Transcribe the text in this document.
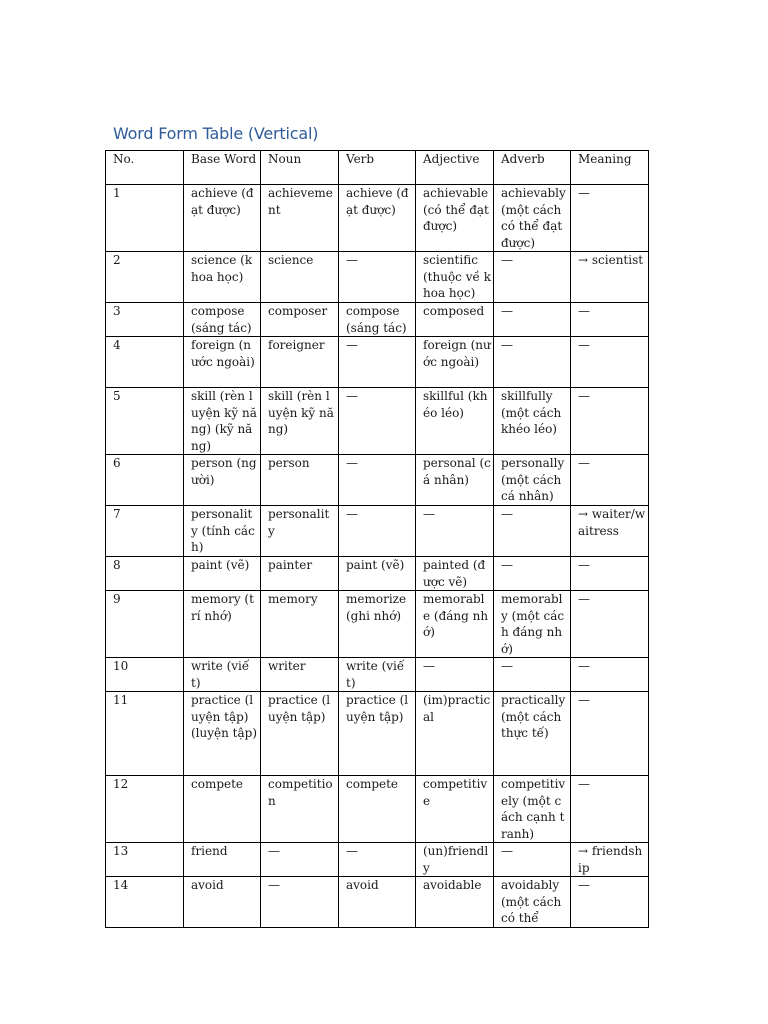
Word Form Table (Vertical)
No.	Base Word	Noun	Verb	Adjective	Adverb	Meaning
1	achieve (đạt được)	achievement	achieve (đạt được)	achievable (có thể đạt được)	achievably (một cách có thể đạt được)	—
2	science (khoa học)	science	—	scientific (thuộc về khoa học)	—	→ scientist
3	compose (sáng tác)	composer	compose (sáng tác)	composed	—	—
4	foreign (nước ngoài)	foreigner	—	foreign (nước ngoài)	—	—
5	skill (rèn luyện kỹ năng) (kỹ năng)	skill (rèn luyện kỹ năng)	—	skillful (khéo léo)	skillfully (một cách khéo léo)	—
6	person (người)	person	—	personal (cá nhân)	personally (một cách cá nhân)	—
7	personality (tính cách)	personality	—	—	—	→ waiter/waitress
8	paint (vẽ)	painter	paint (vẽ)	painted (được vẽ)	—	—
9	memory (trí nhớ)	memory	memorize (ghi nhớ)	memorable (đáng nhớ)	memorably (một cách đáng nhớ)	—
10	write (viết)	writer	write (viết)	—	—	—
11	practice (luyện tập) (luyện tập)	practice (luyện tập)	practice (luyện tập)	(im)practical	practically (một cách thực tế)	—
12	compete	competition	compete	competitive	competitively (một cách cạnh tranh)	—
13	friend	—	—	(un)friendly	—	→ friendship
14	avoid	—	avoid	avoidable	avoidably (một cách có thể	—
